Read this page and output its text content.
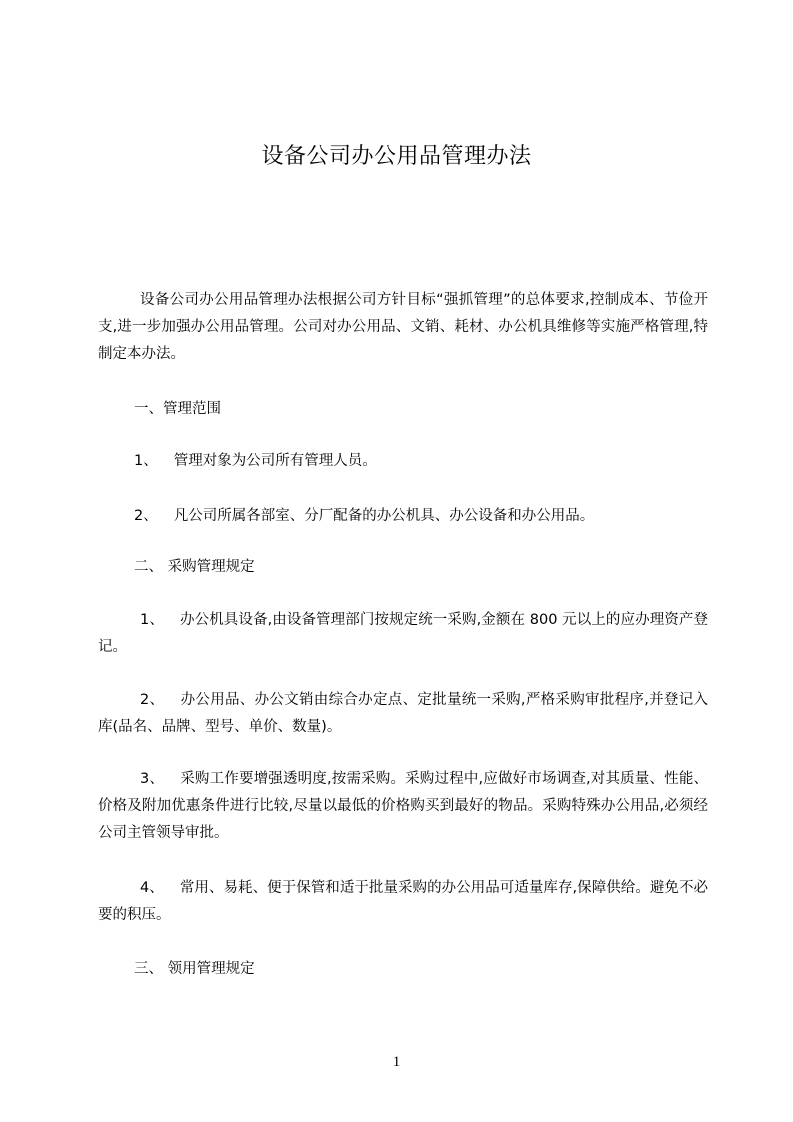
设备公司办公用品管理办法

设备公司办公用品管理办法根据公司方针目标“强抓管理”的总体要求,控制成本、节俭开支,进一步加强办公用品管理。公司对办公用品、文销、耗材、办公机具维修等实施严格管理,特制定本办法。

一、管理范围

1、 管理对象为公司所有管理人员。

2、 凡公司所属各部室、分厂配备的办公机具、办公设备和办公用品。

二、 采购管理规定

1、 办公机具设备,由设备管理部门按规定统一采购,金额在 800 元以上的应办理资产登记。

2、 办公用品、办公文销由综合办定点、定批量统一采购,严格采购审批程序,并登记入库(品名、品牌、型号、单价、数量)。

3、 采购工作要增强透明度,按需采购。采购过程中,应做好市场调查,对其质量、性能、价格及附加优惠条件进行比较,尽量以最低的价格购买到最好的物品。采购特殊办公用品,必须经公司主管领导审批。

4、 常用、易耗、便于保管和适于批量采购的办公用品可适量库存,保障供给。避免不必要的积压。

三、 领用管理规定

1
